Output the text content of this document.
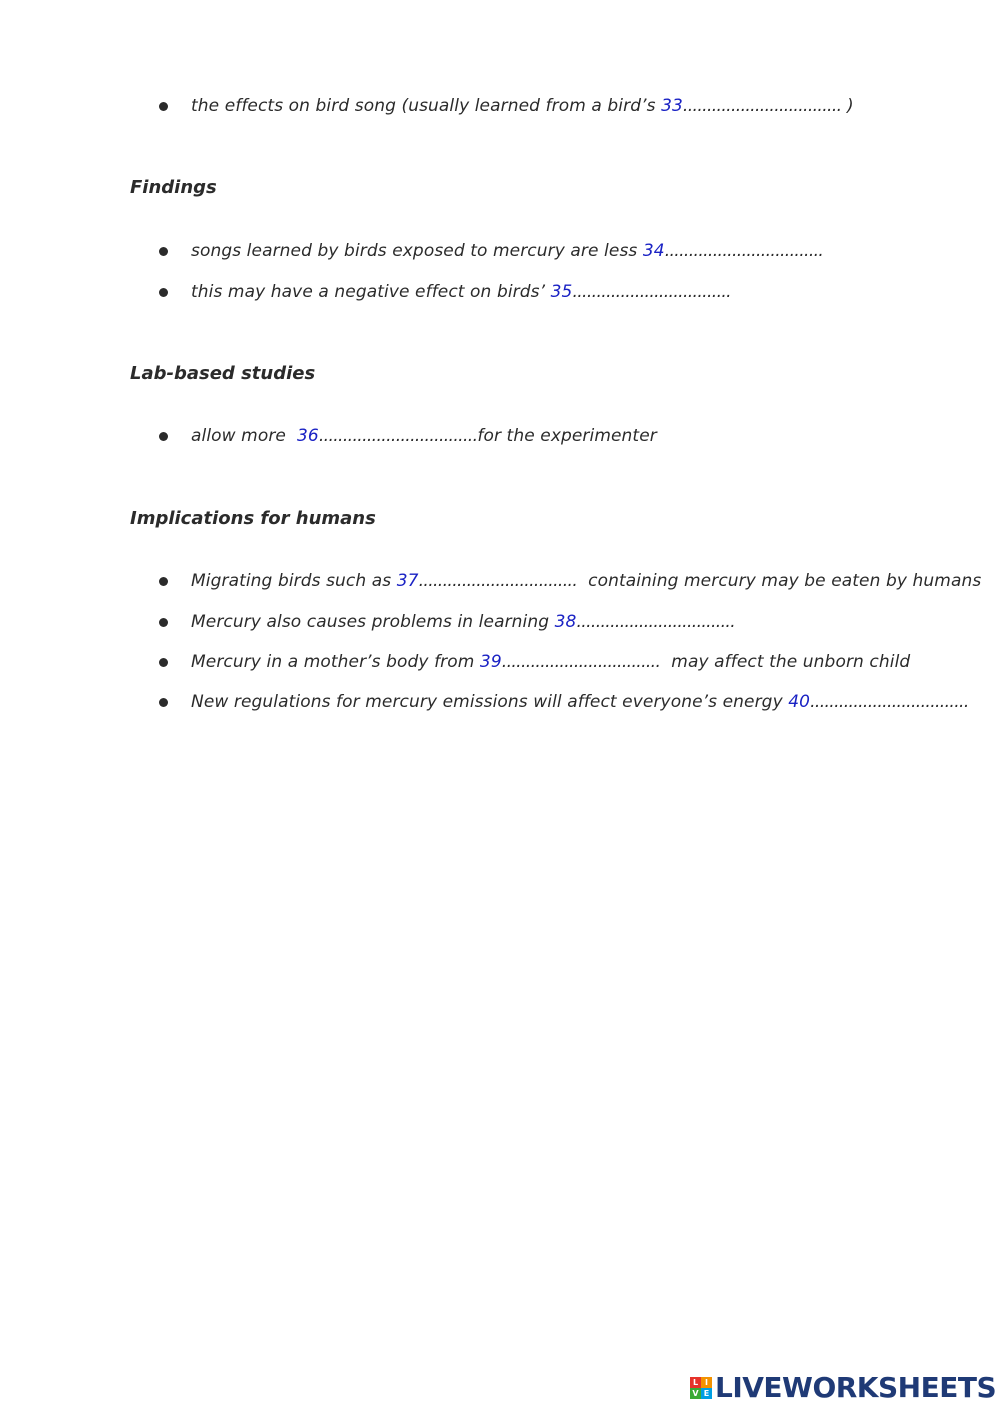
the effects on bird song (usually learned from a bird’s 33................................. )
Findings
songs learned by birds exposed to mercury are less 34.................................
this may have a negative effect on birds’ 35.................................
Lab-based studies
allow more  36.................................for the experimenter
Implications for humans
Migrating birds such as 37.................................  containing mercury may be eaten by humans
Mercury also causes problems in learning 38.................................
Mercury in a mother’s body from 39.................................  may affect the unborn child
New regulations for mercury emissions will affect everyone’s energy 40.................................
L I
V E LIVEWORKSHEETS
